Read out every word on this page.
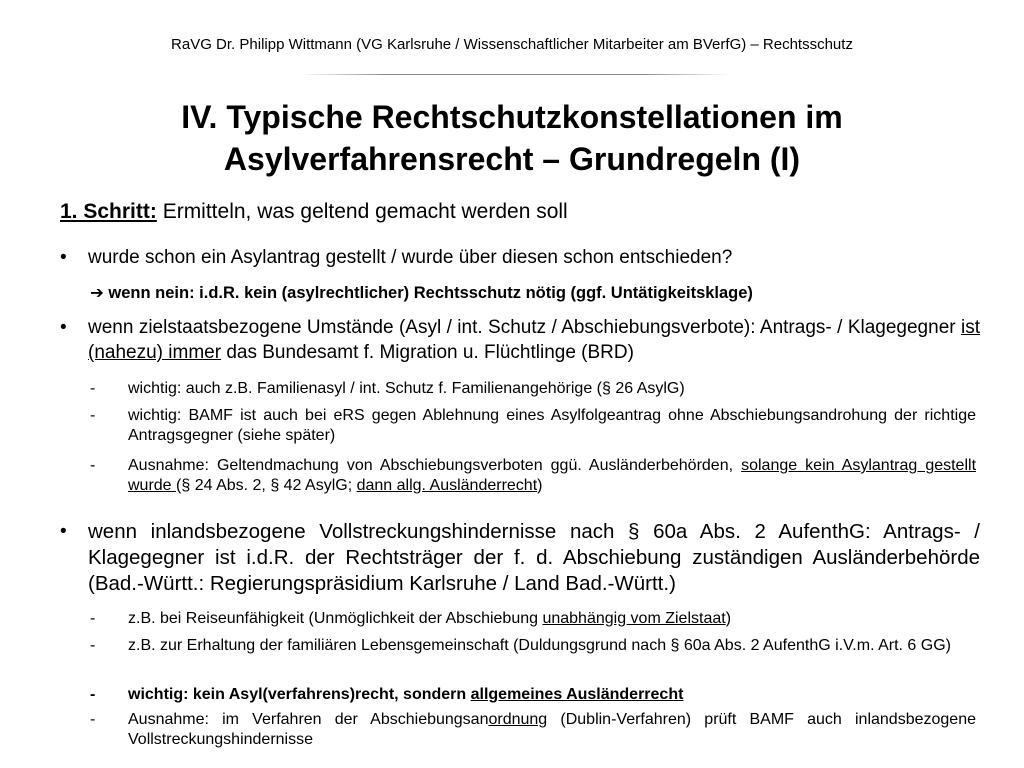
RaVG Dr. Philipp Wittmann (VG Karlsruhe / Wissenschaftlicher Mitarbeiter am BVerfG) – Rechtsschutz
IV. Typische Rechtschutzkonstellationen im
Asylverfahrensrecht – Grundregeln (I)
1. Schritt: Ermitteln, was geltend gemacht werden soll
• wurde schon ein Asylantrag gestellt / wurde über diesen schon entschieden?
➔ wenn nein: i.d.R. kein (asylrechtlicher) Rechtsschutz nötig (ggf. Untätigkeitsklage)
• wenn zielstaatsbezogene Umstände (Asyl / int. Schutz / Abschiebungsverbote): Antrags- / Klagegegner ist (nahezu) immer das Bundesamt f. Migration u. Flüchtlinge (BRD)
- wichtig: auch z.B. Familienasyl / int. Schutz f. Familienangehörige (§ 26 AsylG)
- wichtig: BAMF ist auch bei eRS gegen Ablehnung eines Asylfolgeantrag ohne Abschiebungsandrohung der richtige Antragsgegner (siehe später)
- Ausnahme: Geltendmachung von Abschiebungsverboten ggü. Ausländerbehörden, solange kein Asylantrag gestellt wurde (§ 24 Abs. 2, § 42 AsylG; dann allg. Ausländerrecht)
• wenn inlandsbezogene Vollstreckungshindernisse nach § 60a Abs. 2 AufenthG: Antrags- / Klagegegner ist i.d.R. der Rechtsträger der f. d. Abschiebung zuständigen Ausländerbehörde (Bad.-Württ.: Regierungspräsidium Karlsruhe / Land Bad.-Württ.)
- z.B. bei Reiseunfähigkeit (Unmöglichkeit der Abschiebung unabhängig vom Zielstaat)
- z.B. zur Erhaltung der familiären Lebensgemeinschaft (Duldungsgrund nach § 60a Abs. 2 AufenthG i.V.m. Art. 6 GG)
- wichtig: kein Asyl(verfahrens)recht, sondern allgemeines Ausländerrecht
- Ausnahme: im Verfahren der Abschiebungsanordnung (Dublin-Verfahren) prüft BAMF auch inlandsbezogene Vollstreckungshindernisse
